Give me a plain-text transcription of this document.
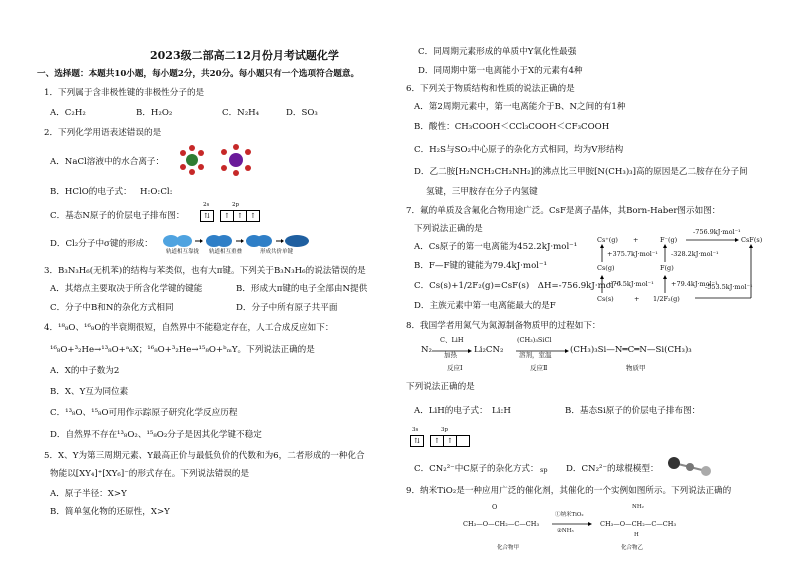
2023级二部高二12月份月考试题化学
一、选择题：本题共10小题，每小题2分，共20分。每小题只有一个选项符合题意。
1．下列属于含非极性键的非极性分子的是
A．C₂H₂	B．H₂O₂	C．N₂H₄	D．SO₃
2．下列化学用语表述错误的是
A．NaCl溶液中的水合离子：
B．HClO的电子式： H:O:Cl:
C．基态N原子的价层电子排布图：
2s	2p
⇅	↑	↑	↑
D．Cl₂分子中σ键的形成：
轨道相互靠拢 轨道相互重叠	形成共价单键
3．B₃N₃H₆(无机苯)的结构与苯类似，也有大π键。下列关于B₃N₃H₆的说法错误的是
A．其熔点主要取决于所含化学键的键能	B．形成大π键的电子全部由N提供
C．分子中B和N的杂化方式相同	D．分子中所有原子共平面
4．¹⁸₈O、¹⁶₈O的半衰期很短，自然界中不能稳定存在，人工合成反应如下：
¹⁶₈O+³₂He→¹³₈O+ᵃ₆X；¹⁶₈O+³₂He→¹⁵₈O+ᵇₘY。下列说法正确的是
A．X的中子数为2
B．X、Y互为同位素
C．¹³₈O、¹⁵₈O可用作示踪原子研究化学反应历程
D．自然界不存在¹³₈O₂、¹⁵₈O₂分子是因其化学键不稳定
5．X、Y为第三周期元素、Y最高正价与最低负价的代数和为6，二者形成的一种化合
物能以[XY₄]⁺[XY₆]⁻的形式存在。下列说法错误的是
A．原子半径：X>Y
B．简单氢化物的还原性，X>Y
C．同周期元素形成的单质中Y氧化性最强
D．同周期中第一电离能小于X的元素有4种
6．下列关于物质结构和性质的说法正确的是
A．第2周期元素中，第一电离能介于B、N之间的有1种
B．酸性：CH₃COOH＜CCl₃COOH＜CF₃COOH
C．H₂S与SO₂中心原子的杂化方式相同，均为V形结构
D．乙二胺[H₂NCH₂CH₂NH₂]的沸点比三甲胺[N(CH₃)₃]高的原因是乙二胺存在分子间
氢键，三甲胺存在分子内氢键
7．氟的单质及含氟化合物用途广泛。CsF是离子晶体，其Born-Haber图示如图：
下列说法正确的是
A．Cs原子的第一电离能为452.2kJ·mol⁻¹
B．F—F键的键能为79.4kJ·mol⁻¹
C．Cs(s)+1/2F₂(g)=CsF(s)　ΔH=-756.9kJ·mol⁻¹
D．主族元素中第一电离能最大的是F
Cs⁺(g) +	F⁻(g)
-756.9kJ·mol⁻¹
CsF(s)
+375.7kJ·mol⁻¹ -328.2kJ·mol⁻¹
Cs(g)	F(g)
+76.5kJ·mol⁻¹	+79.4kJ·mol⁻¹
Cs(s)	+ 1/2F₂(g)
-553.5kJ·mol⁻¹
8．我国学者用氮气为氮源制备物质甲的过程如下：
N₂
C、LiH
加热 Li₂CN₂
(CH₃)₃SiCl
溶剂，室温 (CH₃)₃Si—N═C═N—Si(CH₃)₃
反应Ⅰ	反应Ⅱ	物质甲
下列说法正确的是
A．LiH的电子式：　Li:H	B．基态Si原子的价层电子排布图：
3s	3p
⇅	↑	↑
C．CN₂²⁻中C原子的杂化方式： sp D．CN₂²⁻的球棍模型：
9．纳米TiO₂是一种应用广泛的催化剂，其催化的一个实例如图所示。下列说法正确的
O
CH₃—O—CH₂—C—CH₃
①纳米TiO₂
②NH₃
NH₂
CH₃—O—CH₂—C—CH₃
H
化合物甲	化合物乙
